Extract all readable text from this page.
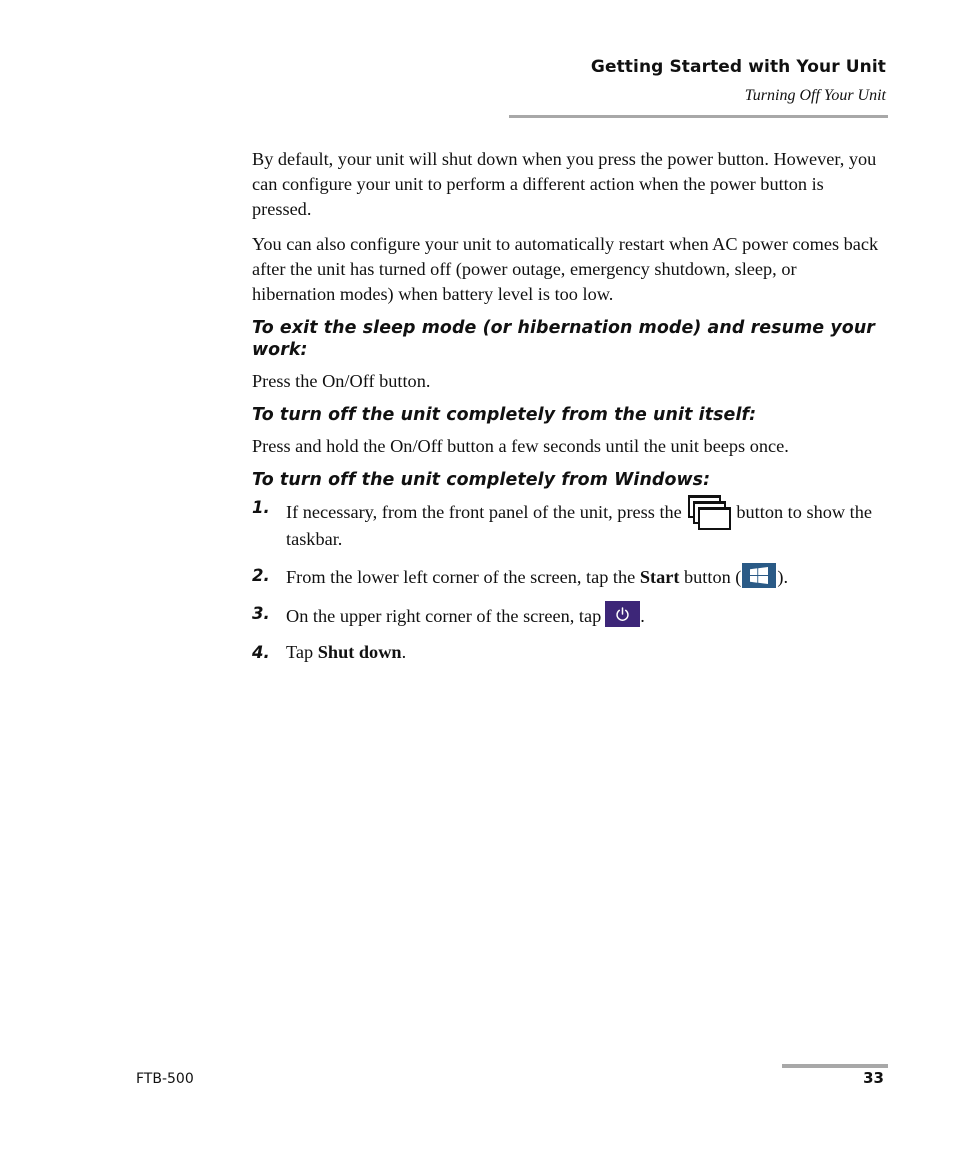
Getting Started with Your Unit
Turning Off Your Unit

By default, your unit will shut down when you press the power button. However, you can configure your unit to perform a different action when the power button is pressed.

You can also configure your unit to automatically restart when AC power comes back after the unit has turned off (power outage, emergency shutdown, sleep, or hibernation modes) when battery level is too low.

To exit the sleep mode (or hibernation mode) and resume your work:

Press the On/Off button.

To turn off the unit completely from the unit itself:

Press and hold the On/Off button a few seconds until the unit beeps once.

To turn off the unit completely from Windows:
1. If necessary, from the front panel of the unit, press the	button to show the taskbar.
2. From the lower left corner of the screen, tap the Start button ( ).
3. On the upper right corner of the screen, tap .
4. Tap Shut down.
FTB-500	33
